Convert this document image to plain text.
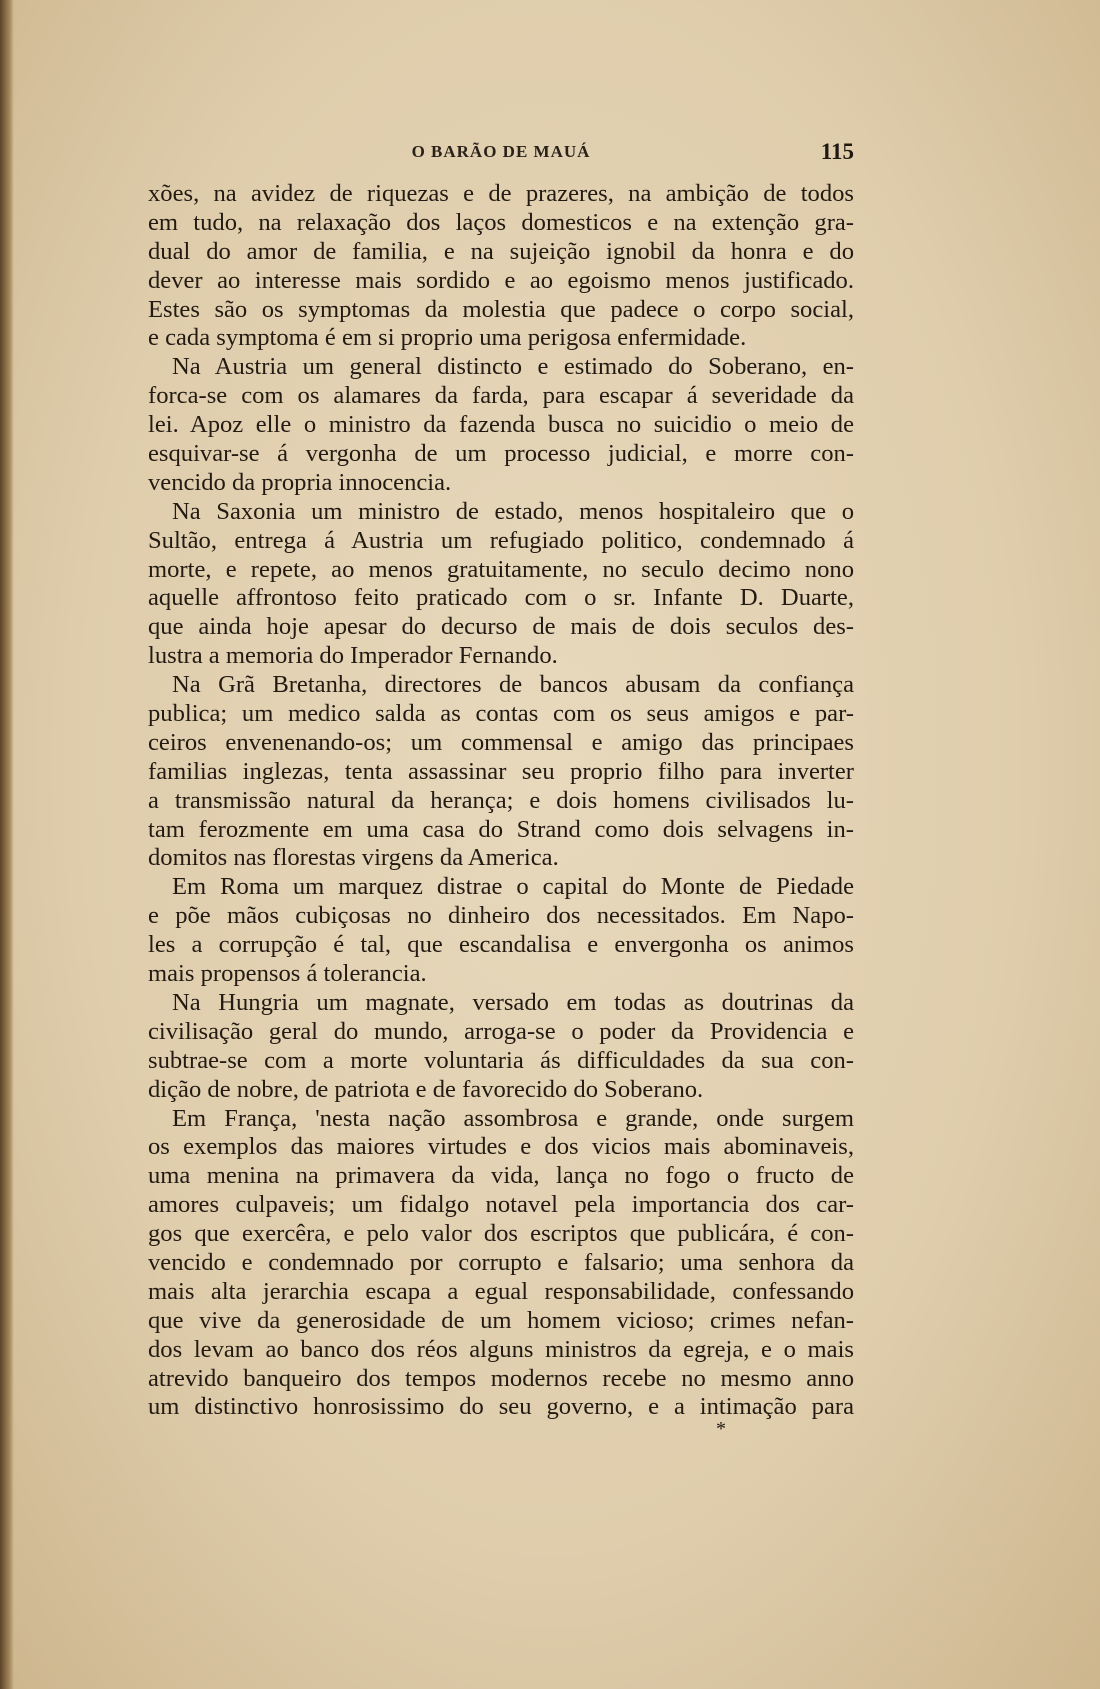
O BARÃO DE MAUÁ	115
xões, na avidez de riquezas e de prazeres, na ambição de todos
em tudo, na relaxação dos laços domesticos e na extenção gra-
dual do amor de familia, e na sujeição ignobil da honra e do
dever ao interesse mais sordido e ao egoismo menos justificado.
Estes são os symptomas da molestia que padece o corpo social,
e cada symptoma é em si proprio uma perigosa enfermidade.
Na Austria um general distincto e estimado do Soberano, en-
forca-se com os alamares da farda, para escapar á severidade da
lei. Apoz elle o ministro da fazenda busca no suicidio o meio de
esquivar-se á vergonha de um processo judicial, e morre con-
vencido da propria innocencia.
Na Saxonia um ministro de estado, menos hospitaleiro que o
Sultão, entrega á Austria um refugiado politico, condemnado á
morte, e repete, ao menos gratuitamente, no seculo decimo nono
aquelle affrontoso feito praticado com o sr. Infante D. Duarte,
que ainda hoje apesar do decurso de mais de dois seculos des-
lustra a memoria do Imperador Fernando.
Na Grã Bretanha, directores de bancos abusam da confiança
publica; um medico salda as contas com os seus amigos e par-
ceiros envenenando-os; um commensal e amigo das principaes
familias inglezas, tenta assassinar seu proprio filho para inverter
a transmissão natural da herança; e dois homens civilisados lu-
tam ferozmente em uma casa do Strand como dois selvagens in-
domitos nas florestas virgens da America.
Em Roma um marquez distrae o capital do Monte de Piedade
e põe mãos cubiçosas no dinheiro dos necessitados. Em Napo-
les a corrupção é tal, que escandalisa e envergonha os animos
mais propensos á tolerancia.
Na Hungria um magnate, versado em todas as doutrinas da
civilisação geral do mundo, arroga-se o poder da Providencia e
subtrae-se com a morte voluntaria ás difficuldades da sua con-
dição de nobre, de patriota e de favorecido do Soberano.
Em França, 'nesta nação assombrosa e grande, onde surgem
os exemplos das maiores virtudes e dos vicios mais abominaveis,
uma menina na primavera da vida, lança no fogo o fructo de
amores culpaveis; um fidalgo notavel pela importancia dos car-
gos que exercêra, e pelo valor dos escriptos que publicára, é con-
vencido e condemnado por corrupto e falsario; uma senhora da
mais alta jerarchia escapa a egual responsabilidade, confessando
que vive da generosidade de um homem vicioso; crimes nefan-
dos levam ao banco dos réos alguns ministros da egreja, e o mais
atrevido banqueiro dos tempos modernos recebe no mesmo anno
um distinctivo honrosissimo do seu governo, e a intimação para
*
